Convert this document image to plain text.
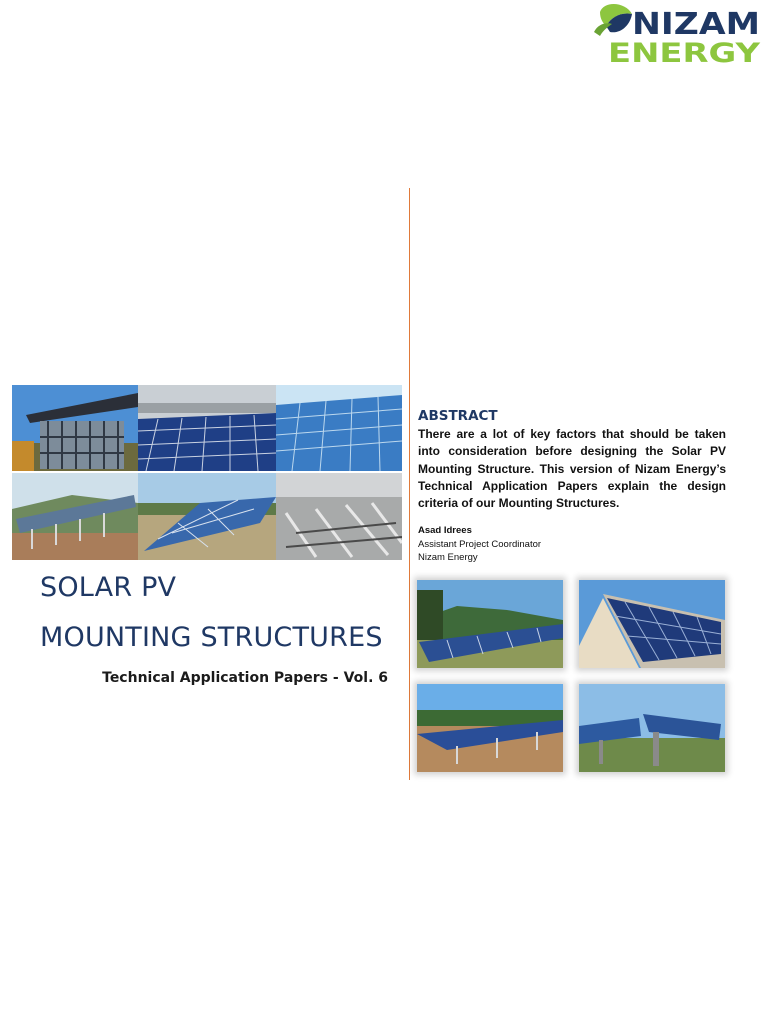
NIZAM
ENERGY
SOLAR PV
MOUNTING STRUCTURES

Technical Application Papers - Vol. 6

ABSTRACT

There are a lot of key factors that should be taken into consideration before designing the Solar PV Mounting Structure. This version of Nizam Energy’s Technical Application Papers explain the design criteria of our Mounting Structures.

Asad Idrees
Assistant Project Coordinator
Nizam Energy
